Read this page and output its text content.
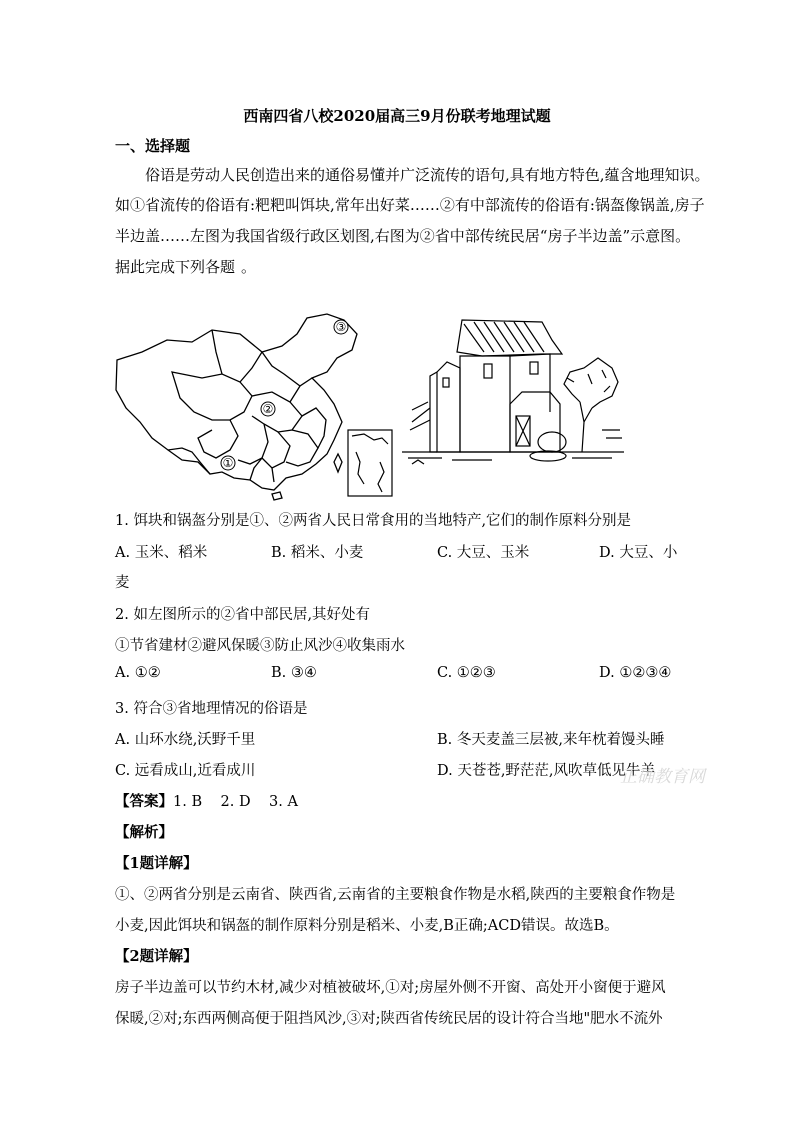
西南四省八校2020届高三9月份联考地理试题
一、选择题
俗语是劳动人民创造出来的通俗易懂并广泛流传的语句,具有地方特色,蕴含地理知识。
如①省流传的俗语有:粑粑叫饵块,常年出好菜……②有中部流传的俗语有:锅盔像锅盖,房子
半边盖……左图为我国省级行政区划图,右图为②省中部传统民居“房子半边盖”示意图。
据此完成下列各题 。
③
②
①
1. 饵块和锅盔分别是①、②两省人民日常食用的当地特产,它们的制作原料分别是
A. 玉米、稻米	B. 稻米、小麦	C. 大豆、玉米	D. 大豆、小
麦
2. 如左图所示的②省中部民居,其好处有
①节省建材②避风保暖③防止风沙④收集雨水
A. ①②	B. ③④	C. ①②③	D. ①②③④
3. 符合③省地理情况的俗语是
A. 山环水绕,沃野千里	B. 冬天麦盖三层被,来年枕着馒头睡
C. 远看成山,近看成川	D. 天苍苍,野茫茫,风吹草低见牛羊
正确教育网
【答案】1. B    2. D    3. A
【解析】
【1题详解】
①、②两省分别是云南省、陕西省,云南省的主要粮食作物是水稻,陕西的主要粮食作物是
小麦,因此饵块和锅盔的制作原料分别是稻米、小麦,B正确;ACD错误。故选B。
【2题详解】
房子半边盖可以节约木材,减少对植被破坏,①对;房屋外侧不开窗、高处开小窗便于避风
保暖,②对;东西两侧高便于阻挡风沙,③对;陕西省传统民居的设计符合当地"肥水不流外
